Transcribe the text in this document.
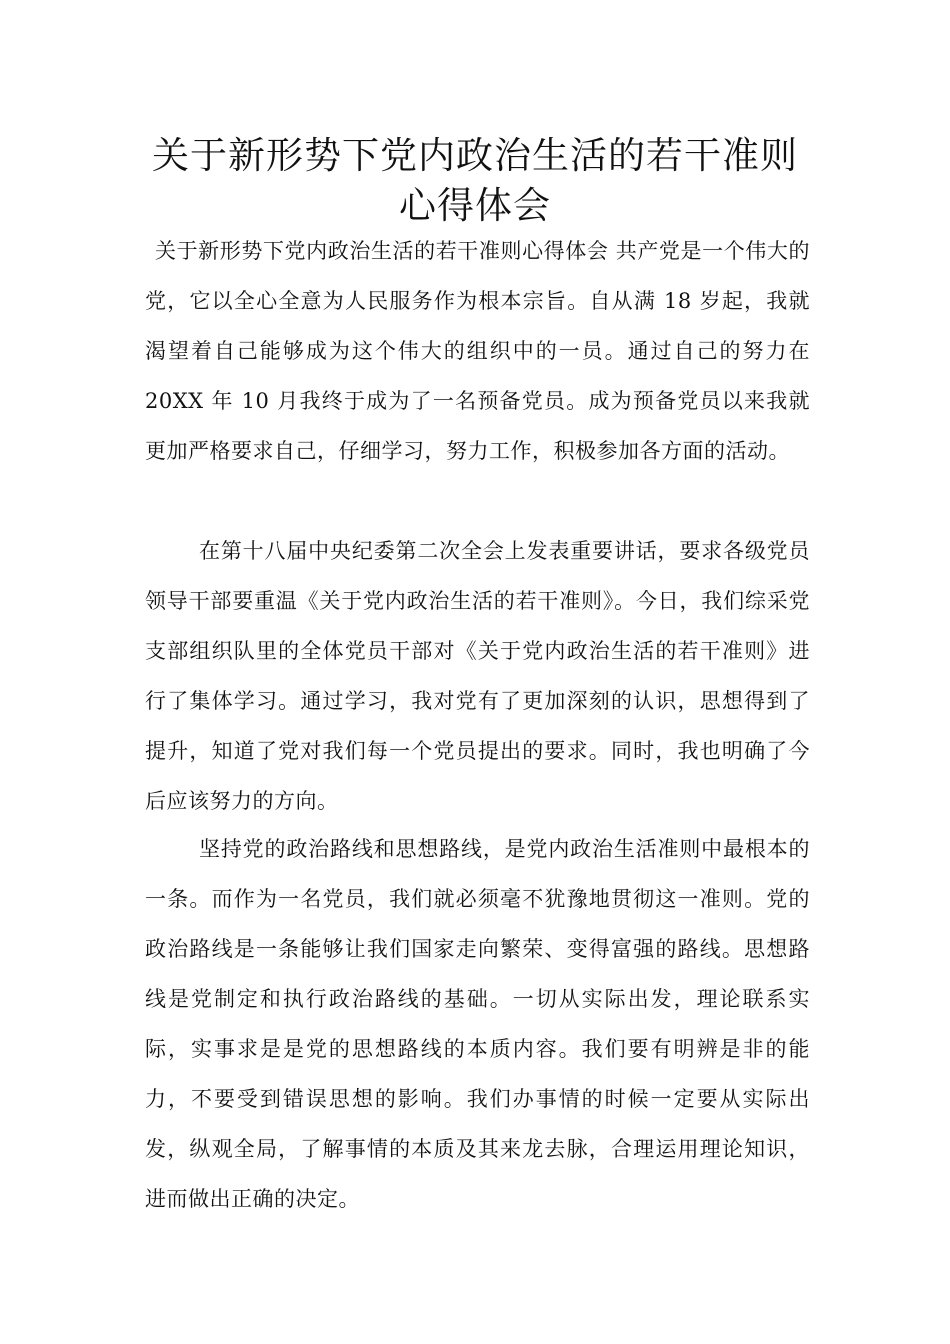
关于新形势下党内政治生活的若干准则
心得体会

关于新形势下党内政治生活的若干准则心得体会 共产党是一个伟大的党，它以全心全意为人民服务作为根本宗旨。自从满 18 岁起，我就渴望着自己能够成为这个伟大的组织中的一员。通过自己的努力在 20XX 年 10 月我终于成为了一名预备党员。成为预备党员以来我就更加严格要求自己，仔细学习，努力工作，积极参加各方面的活动。

在第十八届中央纪委第二次全会上发表重要讲话，要求各级党员领导干部要重温《关于党内政治生活的若干准则》。今日，我们综采党支部组织队里的全体党员干部对《关于党内政治生活的若干准则》进行了集体学习。通过学习，我对党有了更加深刻的认识，思想得到了提升，知道了党对我们每一个党员提出的要求。同时，我也明确了今后应该努力的方向。

坚持党的政治路线和思想路线，是党内政治生活准则中最根本的一条。而作为一名党员，我们就必须毫不犹豫地贯彻这一准则。党的政治路线是一条能够让我们国家走向繁荣、变得富强的路线。思想路线是党制定和执行政治路线的基础。一切从实际出发，理论联系实际，实事求是是党的思想路线的本质内容。我们要有明辨是非的能力，不要受到错误思想的影响。我们办事情的时候一定要从实际出发，纵观全局，了解事情的本质及其来龙去脉，合理运用理论知识，进而做出正确的决定。
